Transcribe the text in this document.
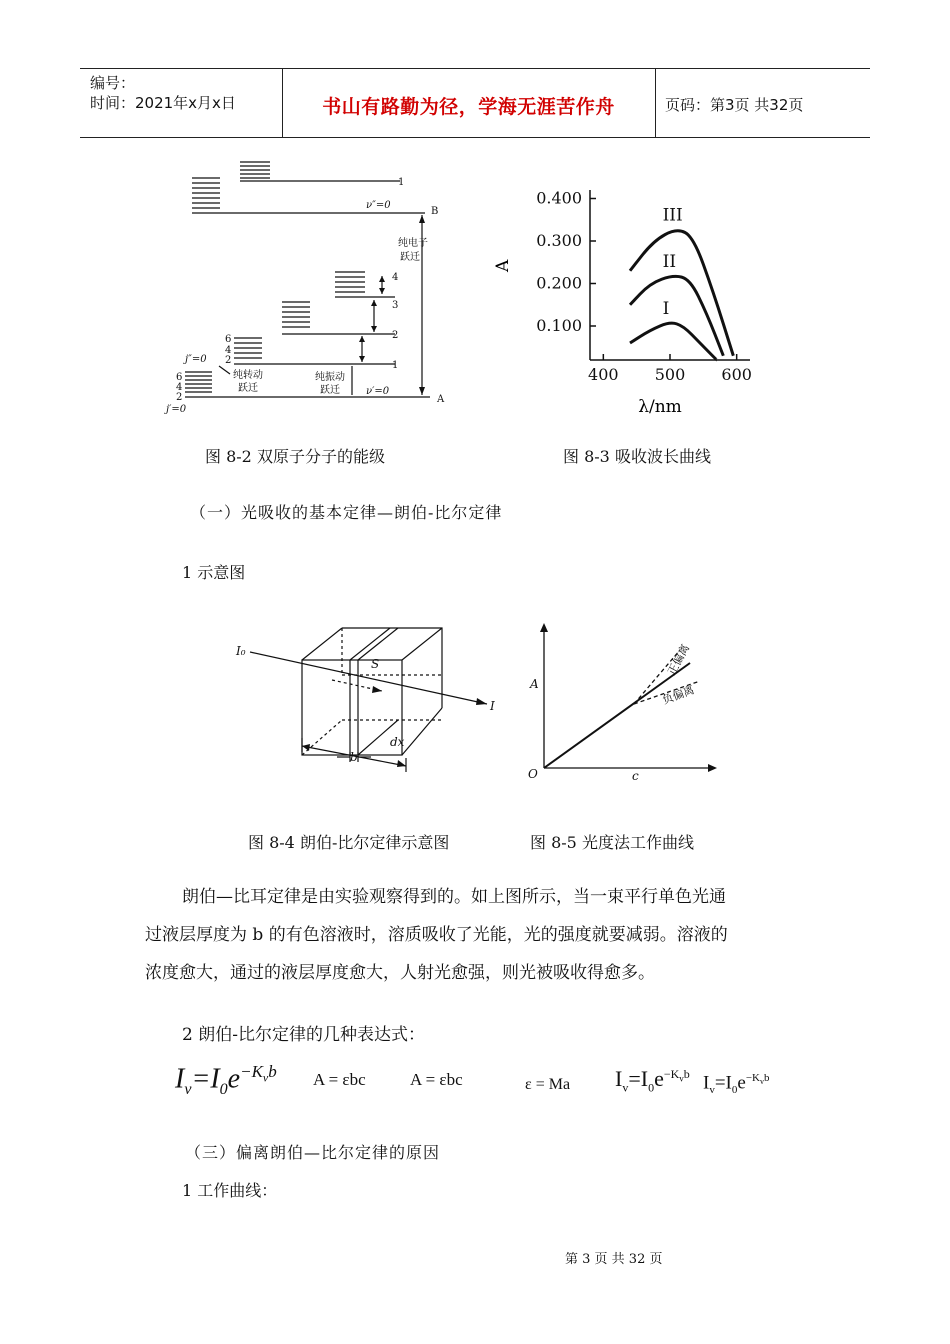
编号：
时间：2021年x月x日	书山有路勤为径，学海无涯苦作舟	页码：第3页 共32页
1
ν″=0
B
纯电子
跃迁
4
3
2
1
ν′=0
A
6
4
2
j″=0
6
4
2
j′=0
纯转动
跃迁
纯振动
跃迁
0.100
0.200
0.300
0.400
400 500 600
I
II
III
A
λ/nm
图 8-2 双原子分子的能级	图 8-3 吸收波长曲线
（一）光吸收的基本定律—朗伯-比尔定律
1 示意图
I₀
S
I
dx
b
A
O	c
正偏离
负偏离
图 8-4 朗伯-比尔定律示意图	图 8-5 光度法工作曲线
朗伯—比耳定律是由实验观察得到的。如上图所示，当一束平行单色光通
过液层厚度为 b 的有色溶液时，溶质吸收了光能，光的强度就要减弱。溶液的
浓度愈大，通过的液层厚度愈大，人射光愈强，则光被吸收得愈多。
2 朗伯-比尔定律的几种表达式：
$I_v=I_0e^{-K_vb}$ A = εbc	A = εbc	ε = Ma $I_v=I_0e^{-K_vb}$ $I_v=I_0e^{-K_vb}$
（三）偏离朗伯—比尔定律的原因
1 工作曲线：
第 3 页 共 32 页
